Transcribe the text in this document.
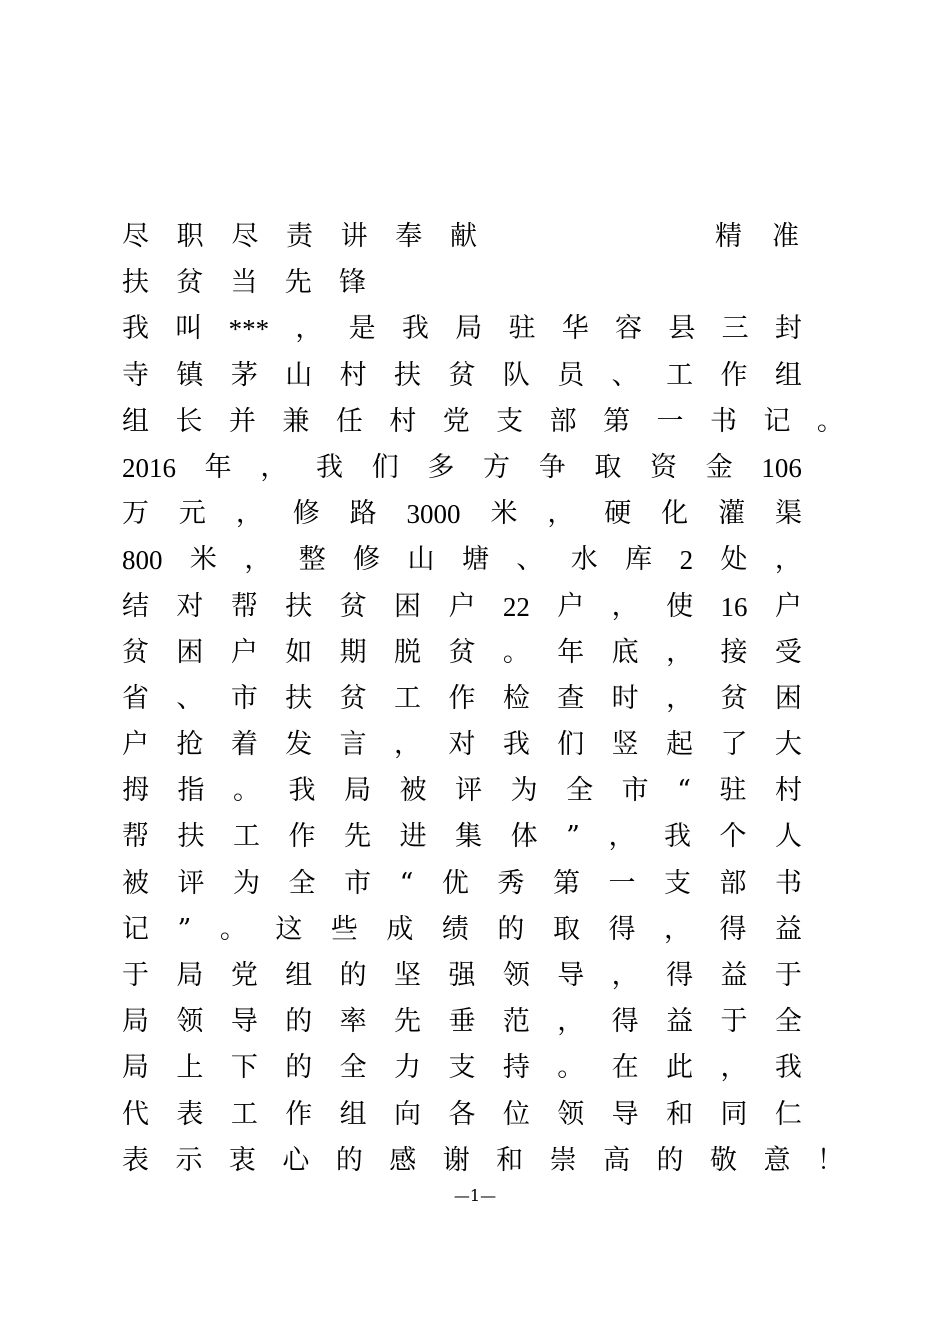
尽 职 尽 责 讲 奉 献	精 准
扶 贫 当 先 锋
我 叫 *** ， 是 我 局 驻 华 容 县 三 封
寺 镇 茅 山 村 扶 贫 队 员 、 工 作 组
组 长 并 兼 任 村 党 支 部 第 一 书 记 。
2016 年 ， 我 们 多 方 争 取 资 金 106
万 元 ， 修 路 3000 米 ， 硬 化 灌 渠
800 米 ， 整 修 山 塘 、 水 库 2 处 ，
结 对 帮 扶 贫 困 户 22 户 ， 使 16 户
贫 困 户 如 期 脱 贫 。 年 底 ， 接 受
省 、 市 扶 贫 工 作 检 查 时 ， 贫 困
户 抢 着 发 言 ， 对 我 们 竖 起 了 大
拇 指 。 我 局 被 评 为 全 市 “ 驻 村
帮 扶 工 作 先 进 集 体 ” ， 我 个 人
被 评 为 全 市 “ 优 秀 第 一 支 部 书
记 ” 。 这 些 成 绩 的 取 得 ， 得 益
于 局 党 组 的 坚 强 领 导 ， 得 益 于
局 领 导 的 率 先 垂 范 ， 得 益 于 全
局 上 下 的 全 力 支 持 。 在 此 ， 我
代 表 工 作 组 向 各 位 领 导 和 同 仁
表 示 衷 心 的 感 谢 和 崇 高 的 敬 意 ！
—1—
